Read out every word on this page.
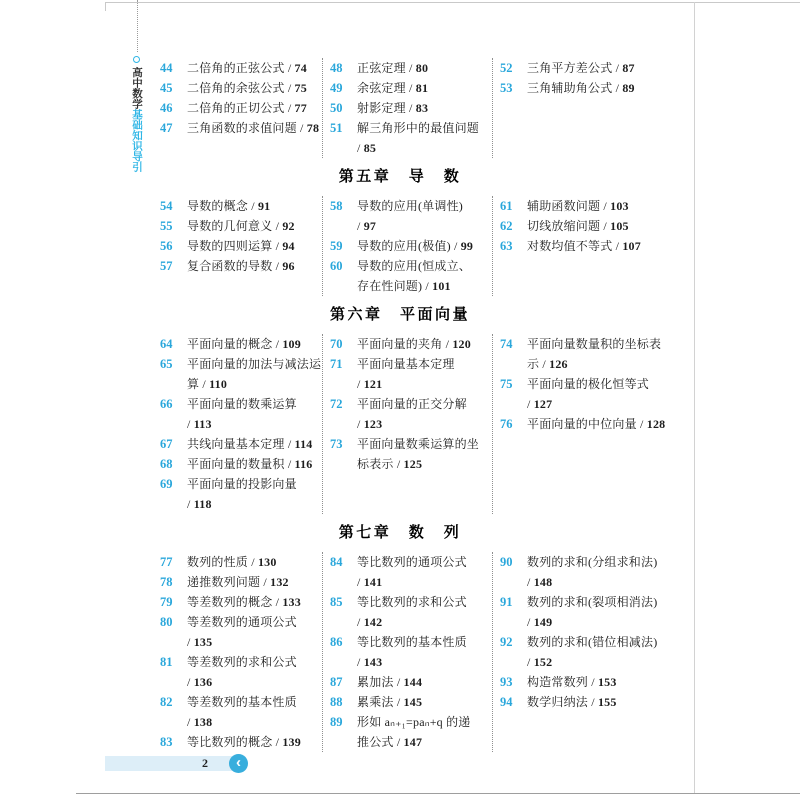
高中数学基础知识导引
44	二倍角的正弦公式 / 74
45	二倍角的余弦公式 / 75
46	二倍角的正切公式 / 77
47	三角函数的求值问题 / 78
48	正弦定理 / 80
49	余弦定理 / 81
50	射影定理 / 83
51	解三角形中的最值问题 / 85
52	三角平方差公式 / 87
53	三角辅助角公式 / 89
第五章　导　数
54	导数的概念 / 91
55	导数的几何意义 / 92
56	导数的四则运算 / 94
57	复合函数的导数 / 96
58	导数的应用(单调性) / 97
59	导数的应用(极值) / 99
60	导数的应用(恒成立、存在性问题) / 101
61	辅助函数问题 / 103
62	切线放缩问题 / 105
63	对数均值不等式 / 107
第六章　平面向量
64	平面向量的概念 / 109
65	平面向量的加法与减法运算 / 110
66	平面向量的数乘运算 / 113
67	共线向量基本定理 / 114
68	平面向量的数量积 / 116
69	平面向量的投影向量 / 118
70	平面向量的夹角 / 120
71	平面向量基本定理 / 121
72	平面向量的正交分解 / 123
73	平面向量数乘运算的坐标表示 / 125
74	平面向量数量积的坐标表示 / 126
75	平面向量的极化恒等式 / 127
76	平面向量的中位向量 / 128
第七章　数　列
77	数列的性质 / 130
78	递推数列问题 / 132
79	等差数列的概念 / 133
80	等差数列的通项公式 / 135
81	等差数列的求和公式 / 136
82	等差数列的基本性质 / 138
83	等比数列的概念 / 139
84	等比数列的通项公式 / 141
85	等比数列的求和公式 / 142
86	等比数列的基本性质 / 143
87	累加法 / 144
88	累乘法 / 145
89	形如 aₙ₊₁=paₙ+q 的递推公式 / 147
90	数列的求和(分组求和法) / 148
91	数列的求和(裂项相消法) / 149
92	数列的求和(错位相减法) / 152
93	构造常数列 / 153
94	数学归纳法 / 155
2	‹
